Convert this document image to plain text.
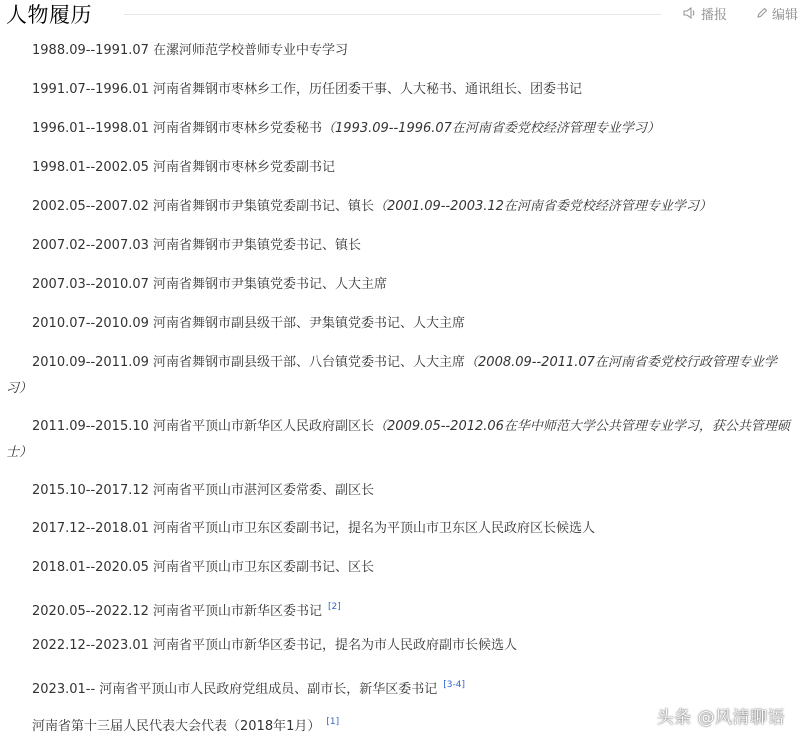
人物履历	播报	编辑
1988.09--1991.07 在漯河师范学校普师专业中专学习
1991.07--1996.01 河南省舞钢市枣林乡工作，历任团委干事、人大秘书、通讯组长、团委书记
1996.01--1998.01 河南省舞钢市枣林乡党委秘书（1993.09--1996.07在河南省委党校经济管理专业学习）
1998.01--2002.05 河南省舞钢市枣林乡党委副书记
2002.05--2007.02 河南省舞钢市尹集镇党委副书记、镇长（2001.09--2003.12在河南省委党校经济管理专业学习）
2007.02--2007.03 河南省舞钢市尹集镇党委书记、镇长
2007.03--2010.07 河南省舞钢市尹集镇党委书记、人大主席
2010.07--2010.09 河南省舞钢市副县级干部、尹集镇党委书记、人大主席
2010.09--2011.09 河南省舞钢市副县级干部、八台镇党委书记、人大主席（2008.09--2011.07在河南省委党校行政管理专业学习）
2011.09--2015.10 河南省平顶山市新华区人民政府副区长（2009.05--2012.06在华中师范大学公共管理专业学习，获公共管理硕士）
2015.10--2017.12 河南省平顶山市湛河区委常委、副区长
2017.12--2018.01 河南省平顶山市卫东区委副书记，提名为平顶山市卫东区人民政府区长候选人
2018.01--2020.05 河南省平顶山市卫东区委副书记、区长
2020.05--2022.12 河南省平顶山市新华区委书记 [2]
2022.12--2023.01 河南省平顶山市新华区委书记，提名为市人民政府副市长候选人
2023.01-- 河南省平顶山市人民政府党组成员、副市长，新华区委书记 [3-4]
河南省第十三届人民代表大会代表（2018年1月） [1]	头条 @风清聊语
